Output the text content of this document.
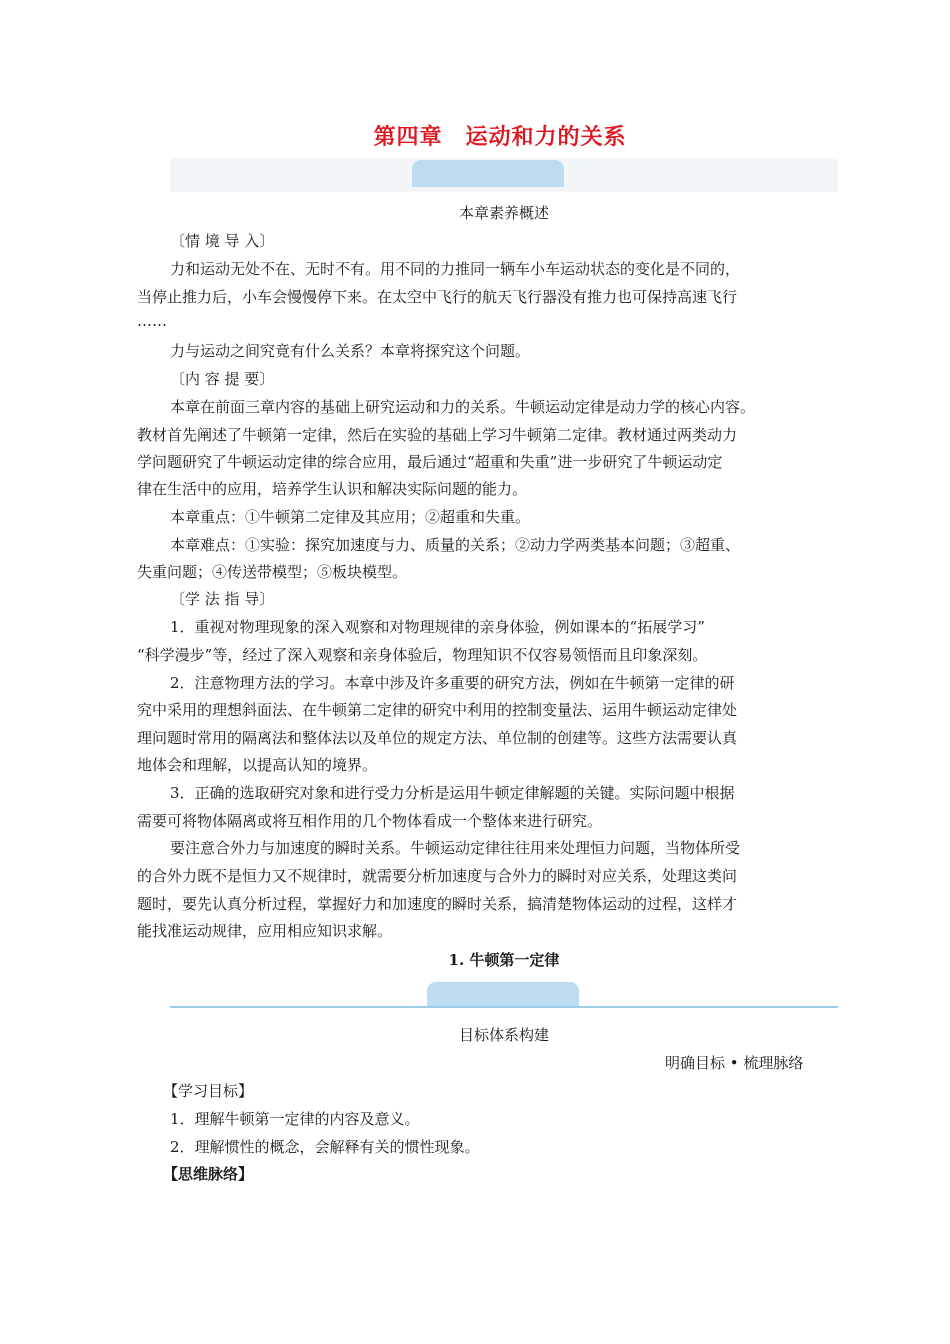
第四章　运动和力的关系
本章素养概述
〔情 境 导 入〕
力和运动无处不在、无时不有。用不同的力推同一辆车小车运动状态的变化是不同的，
当停止推力后，小车会慢慢停下来。在太空中飞行的航天飞行器没有推力也可保持高速飞行
……
力与运动之间究竟有什么关系？本章将探究这个问题。
〔内 容 提 要〕
本章在前面三章内容的基础上研究运动和力的关系。牛顿运动定律是动力学的核心内容。
教材首先阐述了牛顿第一定律，然后在实验的基础上学习牛顿第二定律。教材通过两类动力
学问题研究了牛顿运动定律的综合应用，最后通过“超重和失重”进一步研究了牛顿运动定
律在生活中的应用，培养学生认识和解决实际问题的能力。
本章重点：①牛顿第二定律及其应用；②超重和失重。
本章难点：①实验：探究加速度与力、质量的关系；②动力学两类基本问题；③超重、
失重问题；④传送带模型；⑤板块模型。
〔学 法 指 导〕
1．重视对物理现象的深入观察和对物理规律的亲身体验，例如课本的“拓展学习”
“科学漫步”等，经过了深入观察和亲身体验后，物理知识不仅容易领悟而且印象深刻。
2．注意物理方法的学习。本章中涉及许多重要的研究方法，例如在牛顿第一定律的研
究中采用的理想斜面法、在牛顿第二定律的研究中利用的控制变量法、运用牛顿运动定律处
理问题时常用的隔离法和整体法以及单位的规定方法、单位制的创建等。这些方法需要认真
地体会和理解，以提高认知的境界。
3．正确的选取研究对象和进行受力分析是运用牛顿定律解题的关键。实际问题中根据
需要可将物体隔离或将互相作用的几个物体看成一个整体来进行研究。
要注意合外力与加速度的瞬时关系。牛顿运动定律往往用来处理恒力问题，当物体所受
的合外力既不是恒力又不规律时，就需要分析加速度与合外力的瞬时对应关系，处理这类问
题时，要先认真分析过程，掌握好力和加速度的瞬时关系，搞清楚物体运动的过程，这样才
能找准运动规律，应用相应知识求解。
1. 牛顿第一定律
目标体系构建
明确目标 • 梳理脉络
【学习目标】
1．理解牛顿第一定律的内容及意义。
2．理解惯性的概念，会解释有关的惯性现象。
【思维脉络】
